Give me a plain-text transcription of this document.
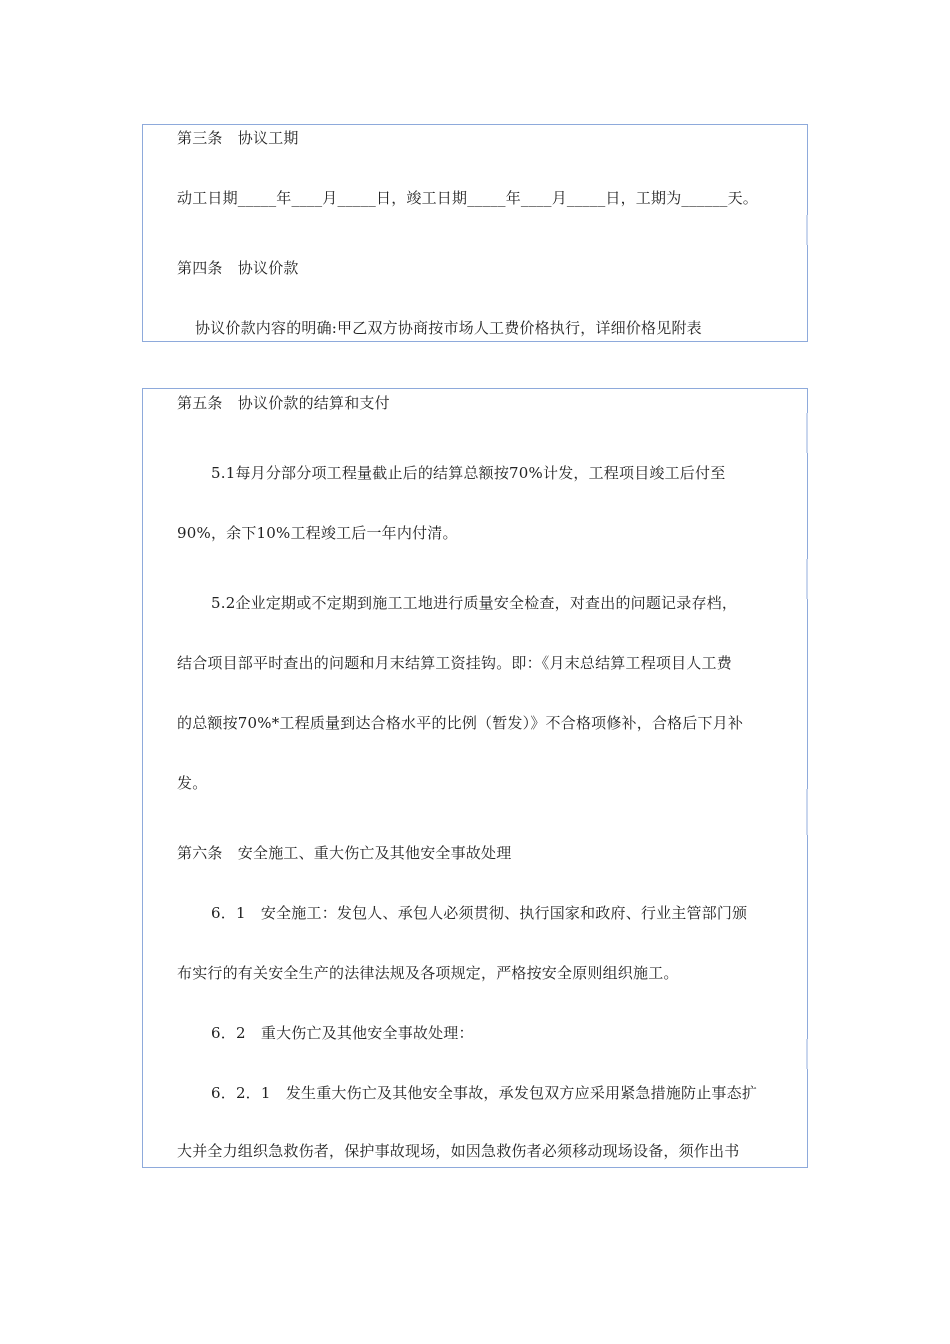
第三条　协议工期
动工日期_____年____月_____日，竣工日期_____年____月_____日，工期为______天。
第四条　协议价款
协议价款内容的明确:甲乙双方协商按市场人工费价格执行，详细价格见附表
第五条　协议价款的结算和支付
5.1每月分部分项工程量截止后的结算总额按70%计发，工程项目竣工后付至
90%，余下10%工程竣工后一年内付清。
5.2企业定期或不定期到施工工地进行质量安全检查，对查出的问题记录存档，
结合项目部平时查出的问题和月末结算工资挂钩。即：《月末总结算工程项目人工费
的总额按70%*工程质量到达合格水平的比例（暂发）》不合格项修补，合格后下月补
发。
第六条　安全施工、重大伤亡及其他安全事故处理
6．1　安全施工：发包人、承包人必须贯彻、执行国家和政府、行业主管部门颁
布实行的有关安全生产的法律法规及各项规定，严格按安全原则组织施工。
6．2　重大伤亡及其他安全事故处理：
6．2．1　发生重大伤亡及其他安全事故，承发包双方应采用紧急措施防止事态扩
大并全力组织急救伤者，保护事故现场，如因急救伤者必须移动现场设备，须作出书
